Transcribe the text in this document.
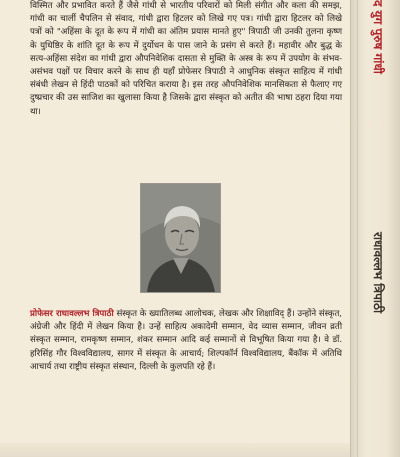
विस्मित और प्रभावित करते हैं जैसे गांधी से भारतीय परिवारों को मिली संगीत और कला की समझ, गांधी का चार्ली चैपलिन से संवाद, गांधी द्वारा हिटलर को लिखे गए पत्र। गांधी द्वारा हिटलर को लिखे पत्रों को "अहिंसा के दूत के रूप में गांधी का अंतिम प्रयास मानते हुए" त्रिपाठी जी उनकी तुलना कृष्ण के युधिष्ठिर के शांति दूत के रूप में दुर्योधन के पास जाने के प्रसंग से करते हैं। महावीर और बुद्ध के सत्य-अहिंसा संदेश का गांधी द्वारा औपनिवेशिक दासता से मुक्ति के अस्त्र के रूप में उपयोग के संभव-असंभव पक्षों पर विचार करने के साथ ही यहाँ प्रोफेसर त्रिपाठी ने आधुनिक संस्कृत साहित्य में गांधी संबंधी लेखन से हिंदी पाठकों को परिचित कराया है। इस तरह औपनिवेशिक मानसिकता से फैलाए गए दुष्प्रचार की उस साजिश का खुलासा किया है जिसके द्वारा संस्कृत को अतीत की भाषा ठहरा दिया गया था।

प्रोफेसर राधावल्लभ त्रिपाठी संस्कृत के ख्यातिलब्ध आलोचक, लेखक और शिक्षाविद् हैं। उन्होंने संस्कृत, अंग्रेजी और हिंदी में लेखन किया है। उन्हें साहित्य अकादेमी सम्मान, वेद व्यास सम्मान, जीवन व्रती संस्कृत सम्मान, रामकृष्ण सम्मान, शंकर सम्मान आदि कई सम्मानों से विभूषित किया गया है। वे डॉ. हरिसिंह गौर विश्वविद्यालय, सागर में संस्कृत के आचार्य; शिल्पकॉर्न विश्वविद्यालय, बैंकॉक में अतिथि आचार्य तथा राष्ट्रीय संस्कृत संस्थान, दिल्ली के कुलपति रहे हैं।

द युग पुरुष गांधी
राधावल्लभ त्रिपाठी
